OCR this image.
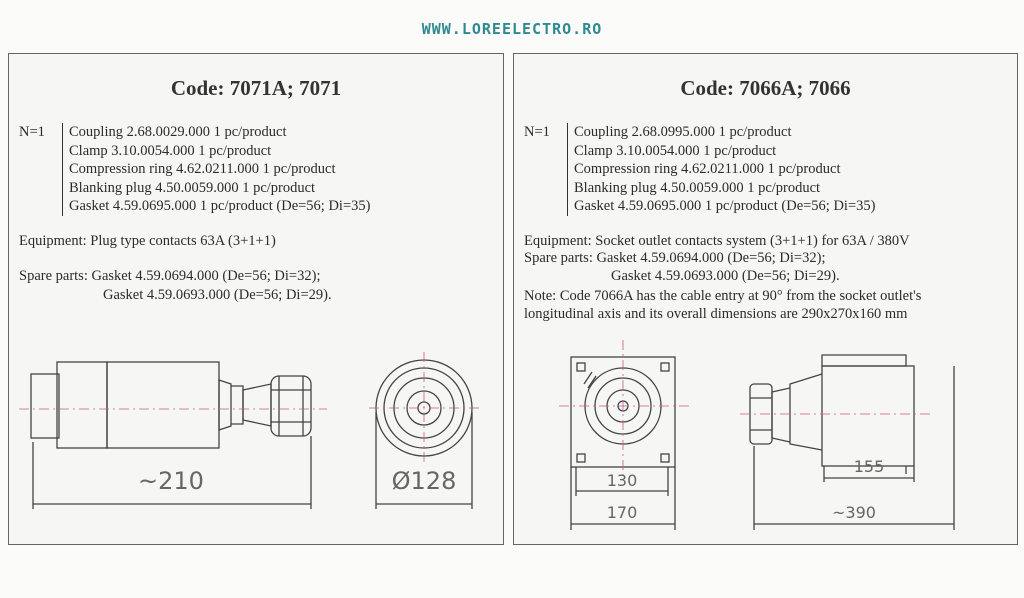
WWW.LOREELECTRO.RO
Code: 7071A; 7071
N=1 Coupling 2.68.0029.000 1 pc/product
Clamp 3.10.0054.000 1 pc/product
Compression ring 4.62.0211.000 1 pc/product
Blanking plug 4.50.0059.000 1 pc/product
Gasket 4.59.0695.000 1 pc/product (De=56; Di=35)
Equipment: Plug type contacts 63A (3+1+1)
Spare parts: Gasket 4.59.0694.000 (De=56; Di=32);
Gasket 4.59.0693.000 (De=56; Di=29).
~210	Ø128
Code: 7066A; 7066
N=1 Coupling 2.68.0995.000 1 pc/product
Clamp 3.10.0054.000 1 pc/product
Compression ring 4.62.0211.000 1 pc/product
Blanking plug 4.50.0059.000 1 pc/product
Gasket 4.59.0695.000 1 pc/product (De=56; Di=35)
Equipment: Socket outlet contacts system (3+1+1) for 63A / 380V
Spare parts: Gasket 4.59.0694.000 (De=56; Di=32);
Gasket 4.59.0693.000 (De=56; Di=29).
Note: Code 7066A has the cable entry at 90° from the socket outlet's
longitudinal axis and its overall dimensions are 290x270x160 mm
130
170
155
~390
